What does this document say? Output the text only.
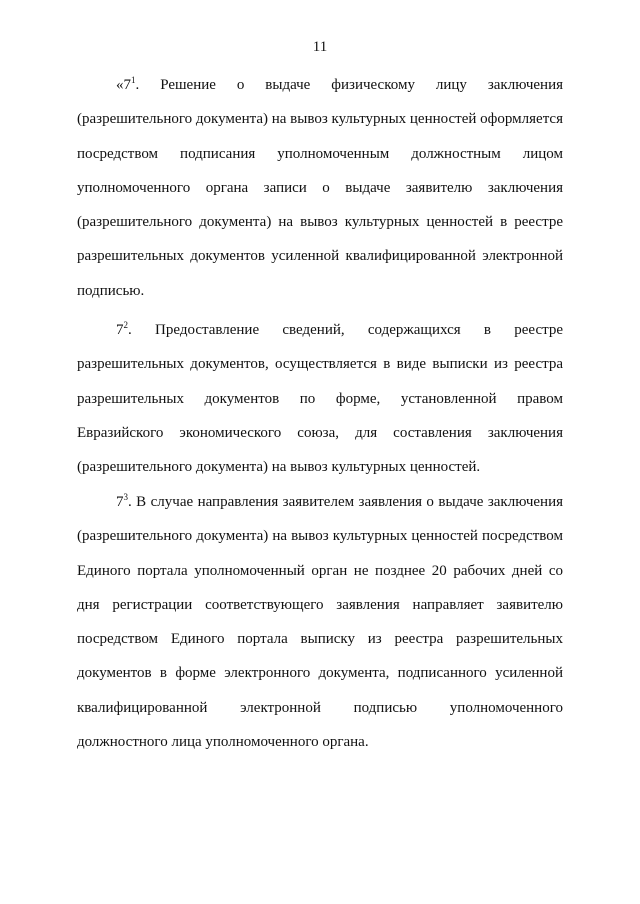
11

«$7^1$. Решение о выдаче физическому лицу заключения (разрешительного документа) на вывоз культурных ценностей оформляется посредством подписания уполномоченным должностным лицом уполномоченного органа записи о выдаче заявителю заключения (разрешительного документа) на вывоз культурных ценностей в реестре разрешительных документов усиленной квалифицированной электронной подписью.

$7^2$. Предоставление сведений, содержащихся в реестре разрешительных документов, осуществляется в виде выписки из реестра разрешительных документов по форме, установленной правом Евразийского экономического союза, для составления заключения (разрешительного документа) на вывоз культурных ценностей.

$7^3$. В случае направления заявителем заявления о выдаче заключения (разрешительного документа) на вывоз культурных ценностей посредством Единого портала уполномоченный орган не позднее 20 рабочих дней со дня регистрации соответствующего заявления направляет заявителю посредством Единого портала выписку из реестра разрешительных документов в форме электронного документа, подписанного усиленной квалифицированной электронной подписью уполномоченного должностного лица уполномоченного органа.
